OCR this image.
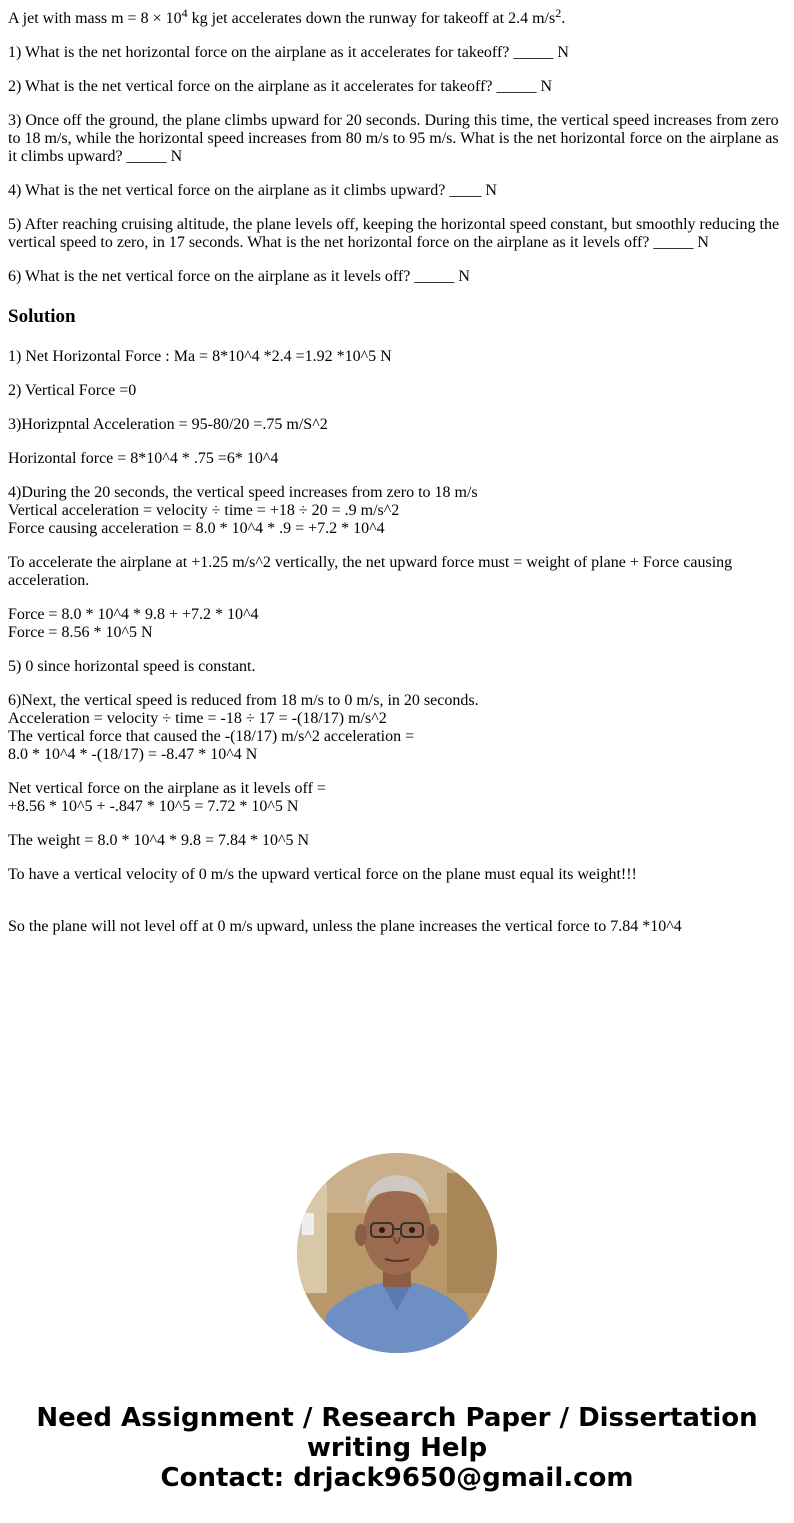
A jet with mass $m = 8 \times 10^4$ kg jet accelerates down the runway for takeoff at 2.4 $m/s^2$.

1) What is the net horizontal force on the airplane as it accelerates for takeoff? _____ N

2) What is the net vertical force on the airplane as it accelerates for takeoff? _____ N

3) Once off the ground, the plane climbs upward for 20 seconds. During this time, the vertical speed increases from zero to 18 m/s, while the horizontal speed increases from 80 m/s to 95 m/s. What is the net horizontal force on the airplane as it climbs upward? _____ N

4) What is the net vertical force on the airplane as it climbs upward? ____ N

5) After reaching cruising altitude, the plane levels off, keeping the horizontal speed constant, but smoothly reducing the vertical speed to zero, in 17 seconds. What is the net horizontal force on the airplane as it levels off? _____ N

6) What is the net vertical force on the airplane as it levels off? _____ N

Solution

1) Net Horizontal Force : Ma = 8*10^4 *2.4 =1.92 *10^5 N

2) Vertical Force =0

3)Horizpntal Acceleration = 95-80/20 =.75 m/S^2

Horizontal force = 8*10^4 * .75 =6* 10^4

4)During the 20 seconds, the vertical speed increases from zero to 18 m/s

Vertical acceleration = velocity ÷ time = +18 ÷ 20 = .9 m/s^2

Force causing acceleration = 8.0 * 10^4 * .9 = +7.2 * 10^4

To accelerate the airplane at +1.25 m/s^2 vertically, the net upward force must = weight of plane + Force causing acceleration.

Force = 8.0 * 10^4 * 9.8 + +7.2 * 10^4

Force = 8.56 * 10^5 N

5) 0 since horizontal speed is constant.

6)Next, the vertical speed is reduced from 18 m/s to 0 m/s, in 20 seconds.

Acceleration = velocity ÷ time = -18 ÷ 17 = -(18/17) m/s^2

The vertical force that caused the -(18/17) m/s^2 acceleration =

8.0 * 10^4 * -(18/17) = -8.47 * 10^4 N

Net vertical force on the airplane as it levels off =

+8.56 * 10^5 + -.847 * 10^5 = 7.72 * 10^5 N

The weight = 8.0 * 10^4 * 9.8 = 7.84 * 10^5 N

To have a vertical velocity of 0 m/s the upward vertical force on the plane must equal its weight!!!

So the plane will not level off at 0 m/s upward, unless the plane increases the vertical force to 7.84 *10^4

Need Assignment / Research Paper / Dissertation
writing Help
Contact: drjack9650@gmail.com
